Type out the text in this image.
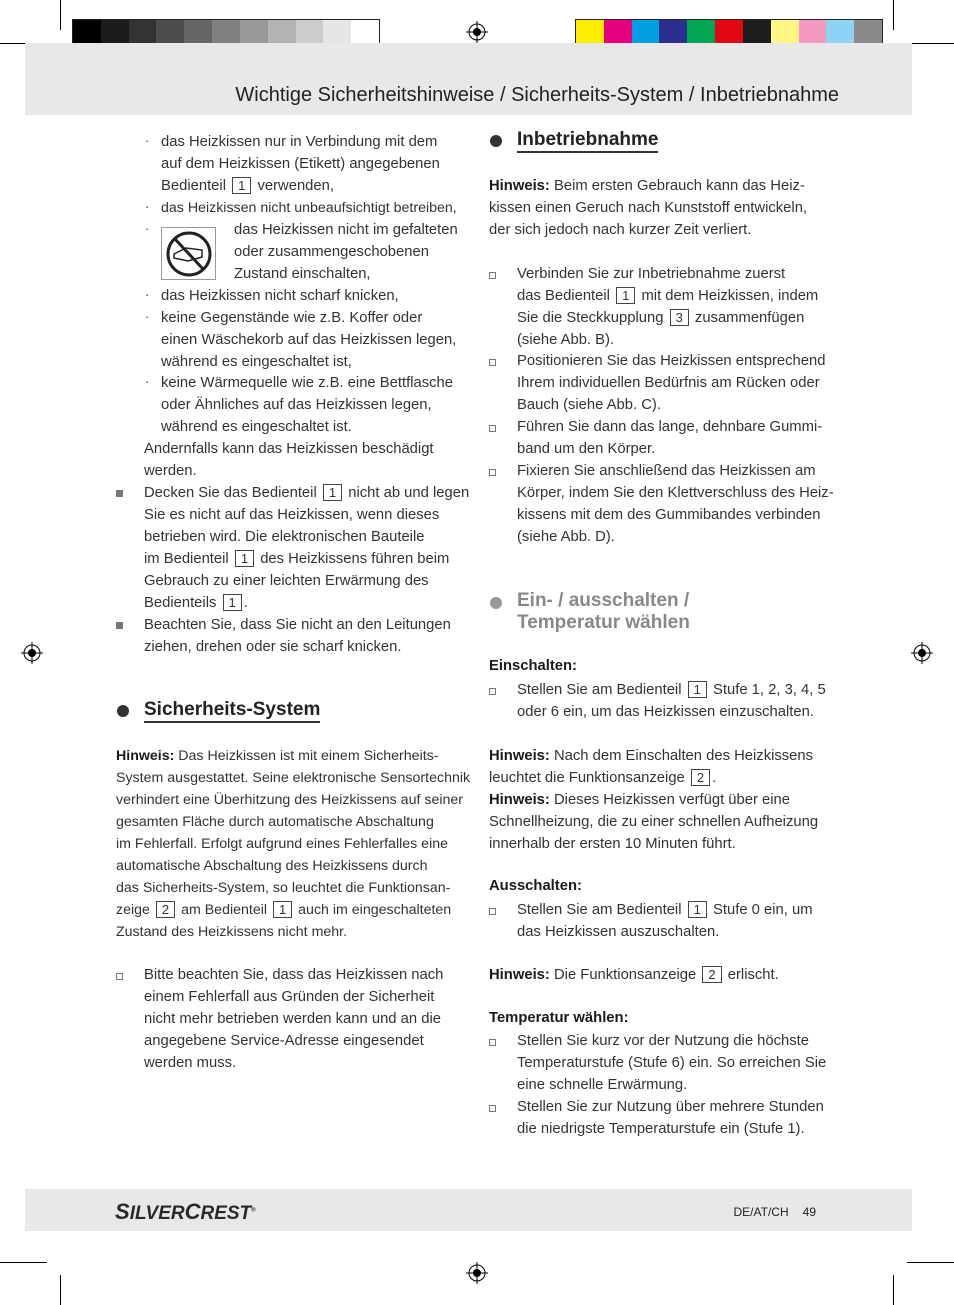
Wichtige Sicherheitshinweise / Sicherheits-System / Inbetriebnahme
· das Heizkissen nur in Verbindung mit dem
auf dem Heizkissen (Etikett) angegebenen
Bedienteil 1 verwenden,
· das Heizkissen nicht unbeaufsichtigt betreiben,
·	das Heizkissen nicht im gefalteten
oder zusammengeschobenen
Zustand einschalten,
· das Heizkissen nicht scharf knicken,
· keine Gegenstände wie z.B. Koffer oder
einen Wäschekorb auf das Heizkissen legen,
während es eingeschaltet ist,
· keine Wärmequelle wie z.B. eine Bettflasche
oder Ähnliches auf das Heizkissen legen,
während es eingeschaltet ist.
Andernfalls kann das Heizkissen beschädigt
werden.
Decken Sie das Bedienteil 1 nicht ab und legen
Sie es nicht auf das Heizkissen, wenn dieses
betrieben wird. Die elektronischen Bauteile
im Bedienteil 1 des Heizkissens führen beim
Gebrauch zu einer leichten Erwärmung des
Bedienteils 1 .
Beachten Sie, dass Sie nicht an den Leitungen
ziehen, drehen oder sie scharf knicken.
Sicherheits-System
Hinweis: Das Heizkissen ist mit einem Sicherheits-
System ausgestattet. Seine elektronische Sensortechnik
verhindert eine Überhitzung des Heizkissens auf seiner
gesamten Fläche durch automatische Abschaltung
im Fehlerfall. Erfolgt aufgrund eines Fehlerfalles eine
automatische Abschaltung des Heizkissens durch
das Sicherheits-System, so leuchtet die Funktionsan-
zeige 2 am Bedienteil 1 auch im eingeschalteten
Zustand des Heizkissens nicht mehr.
Bitte beachten Sie, dass das Heizkissen nach
einem Fehlerfall aus Gründen der Sicherheit
nicht mehr betrieben werden kann und an die
angegebene Service-Adresse eingesendet
werden muss.
Inbetriebnahme
Hinweis: Beim ersten Gebrauch kann das Heiz-
kissen einen Geruch nach Kunststoff entwickeln,
der sich jedoch nach kurzer Zeit verliert.
Verbinden Sie zur Inbetriebnahme zuerst
das Bedienteil 1 mit dem Heizkissen, indem
Sie die Steckkupplung 3 zusammenfügen
(siehe Abb. B).
Positionieren Sie das Heizkissen entsprechend
Ihrem individuellen Bedürfnis am Rücken oder
Bauch (siehe Abb. C).
Führen Sie dann das lange, dehnbare Gummi-
band um den Körper.
Fixieren Sie anschließend das Heizkissen am
Körper, indem Sie den Klettverschluss des Heiz-
kissens mit dem des Gummibandes verbinden
(siehe Abb. D).
Ein- / ausschalten /
Temperatur wählen
Einschalten:
Stellen Sie am Bedienteil 1 Stufe 1, 2, 3, 4, 5
oder 6 ein, um das Heizkissen einzuschalten.
Hinweis: Nach dem Einschalten des Heizkissens
leuchtet die Funktionsanzeige 2 .
Hinweis: Dieses Heizkissen verfügt über eine
Schnellheizung, die zu einer schnellen Aufheizung
innerhalb der ersten 10 Minuten führt.
Ausschalten:
Stellen Sie am Bedienteil 1 Stufe 0 ein, um
das Heizkissen auszuschalten.
Hinweis: Die Funktionsanzeige 2 erlischt.
Temperatur wählen:
Stellen Sie kurz vor der Nutzung die höchste
Temperaturstufe (Stufe 6) ein. So erreichen Sie
eine schnelle Erwärmung.
Stellen Sie zur Nutzung über mehrere Stunden
die niedrigste Temperaturstufe ein (Stufe 1).
SILVERCREST®	DE/AT/CH 49
